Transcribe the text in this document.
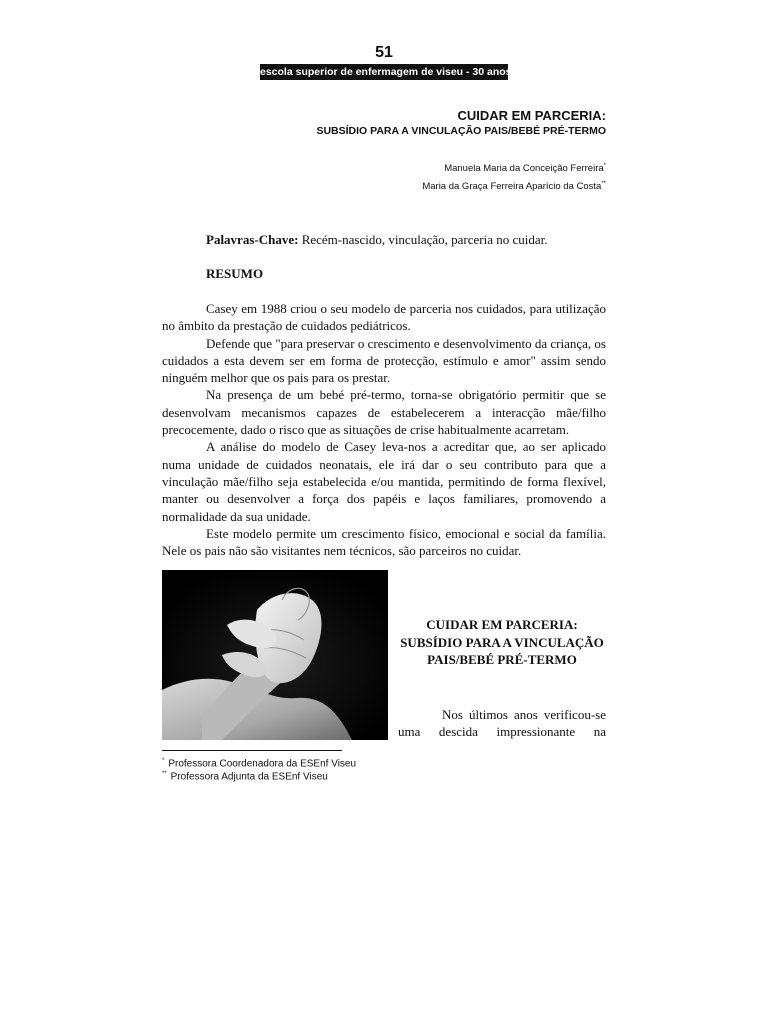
51
escola superior de enfermagem de viseu - 30 anos
CUIDAR EM PARCERIA:
SUBSÍDIO PARA A VINCULAÇÃO PAIS/BEBÉ PRÉ-TERMO
Manuela Maria da Conceição Ferreira*
Maria da Graça Ferreira Aparício da Costa**
Palavras-Chave: Recém-nascido, vinculação, parceria no cuidar.
RESUMO

Casey em 1988 criou o seu modelo de parceria nos cuidados, para utilização no âmbito da prestação de cuidados pediátricos.

Defende que "para preservar o crescimento e desenvolvimento da criança, os cuidados a esta devem ser em forma de protecção, estímulo e amor" assim sendo ninguém melhor que os pais para os prestar.

Na presença de um bebé pré-termo, torna-se obrigatório permitir que se desenvolvam mecanismos capazes de estabelecerem a interacção mãe/filho precocemente, dado o risco que as situações de crise habitualmente acarretam.

A análise do modelo de Casey leva-nos a acreditar que, ao ser aplicado numa unidade de cuidados neonatais, ele irá dar o seu contributo para que a vinculação mãe/filho seja estabelecida e/ou mantida, permitindo de forma flexível, manter ou desenvolver a força dos papéis e laços familiares, promovendo a normalidade da sua unidade.

Este modelo permite um crescimento físico, emocional e social da família. Nele os pais não são visitantes nem técnicos, são parceiros no cuidar.

CUIDAR EM PARCERIA:
SUBSÍDIO PARA A VINCULAÇÃO
PAIS/BEBÉ PRÉ-TERMO

Nos últimos anos verificou-se uma descida impressionante na

* Professora Coordenadora da ESEnf Viseu
** Professora Adjunta da ESEnf Viseu
